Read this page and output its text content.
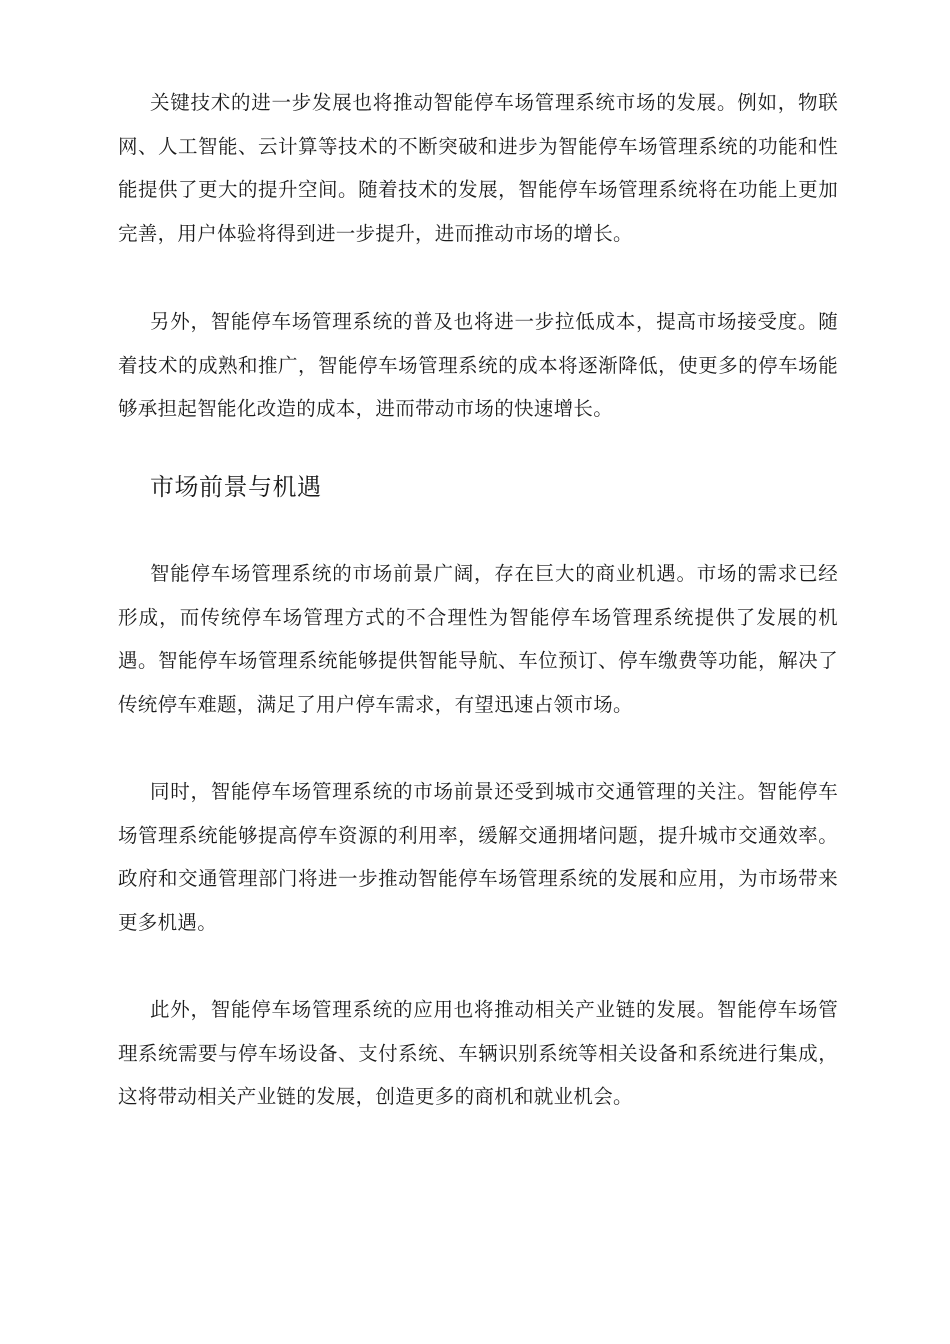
关键技术的进一步发展也将推动智能停车场管理系统市场的发展。例如，物联网、人工智能、云计算等技术的不断突破和进步为智能停车场管理系统的功能和性能提供了更大的提升空间。随着技术的发展，智能停车场管理系统将在功能上更加完善，用户体验将得到进一步提升，进而推动市场的增长。

另外，智能停车场管理系统的普及也将进一步拉低成本，提高市场接受度。随着技术的成熟和推广，智能停车场管理系统的成本将逐渐降低，使更多的停车场能够承担起智能化改造的成本，进而带动市场的快速增长。

市场前景与机遇

智能停车场管理系统的市场前景广阔，存在巨大的商业机遇。市场的需求已经形成，而传统停车场管理方式的不合理性为智能停车场管理系统提供了发展的机遇。智能停车场管理系统能够提供智能导航、车位预订、停车缴费等功能，解决了传统停车难题，满足了用户停车需求，有望迅速占领市场。

同时，智能停车场管理系统的市场前景还受到城市交通管理的关注。智能停车场管理系统能够提高停车资源的利用率，缓解交通拥堵问题，提升城市交通效率。政府和交通管理部门将进一步推动智能停车场管理系统的发展和应用，为市场带来更多机遇。

此外，智能停车场管理系统的应用也将推动相关产业链的发展。智能停车场管理系统需要与停车场设备、支付系统、车辆识别系统等相关设备和系统进行集成，这将带动相关产业链的发展，创造更多的商机和就业机会。
